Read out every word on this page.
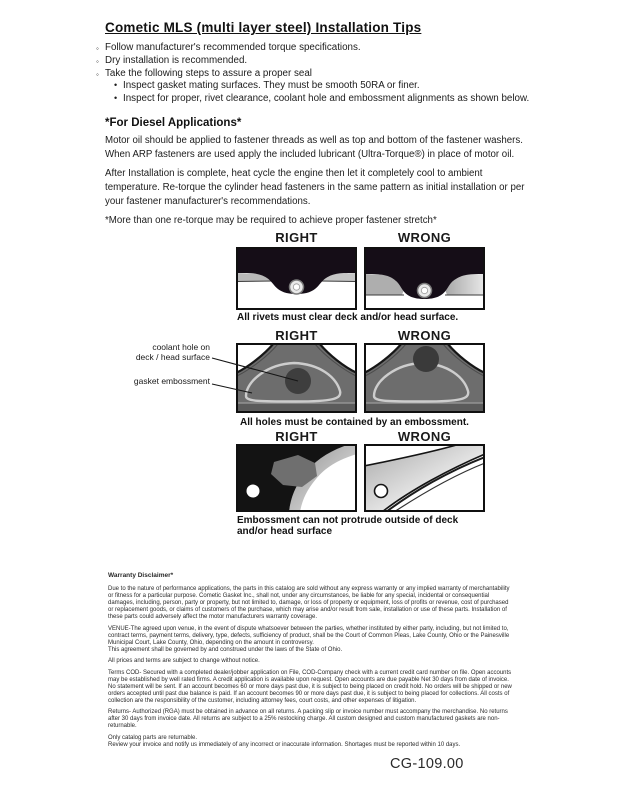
Cometic MLS (multi layer steel) Installation Tips
◦ Follow manufacturer's recommended torque specifications.
◦ Dry installation is recommended.
◦ Take the following steps to assure a proper seal
• Inspect gasket mating surfaces. They must be smooth 50RA or finer.
• Inspect for proper, rivet clearance, coolant hole and embossment alignments as shown below.
*For Diesel Applications*

Motor oil should be applied to fastener threads as well as top and bottom of the fastener washers. When ARP fasteners are used apply the included lubricant (Ultra-Torque®) in place of motor oil.

After Installation is complete, heat cycle the engine then let it completely cool to ambient temperature. Re-torque the cylinder head fasteners in the same pattern as initial installation or per your fastener manufacturer's recommendations.

*More than one re-torque may be required to achieve proper fastener stretch*

RIGHT	WRONG
All rivets must clear deck and/or head surface.
RIGHT	WRONG
coolant hole on
deck / head surface
gasket embossment
All holes must be contained by an embossment.
RIGHT	WRONG
Embossment can not protrude outside of deck and/or head surface
Warranty Disclaimer*

Due to the nature of performance applications, the parts in this catalog are sold without any express warranty or any implied warranty of merchantability or fitness for a particular purpose. Cometic Gasket Inc., shall not, under any circumstances, be liable for any special, incidental or consequential damages, including, person, party or property, but not limited to, damage, or loss of property or equipment, loss of profits or revenue, cost of purchased or replacement goods, or claims of customers of the purchase, which may arise and/or result from sale, installation or use of these parts. Installation of these parts could adversely affect the motor manufacturers warranty coverage.

VENUE-The agreed upon venue, in the event of dispute whatsoever between the parties, whether instituted by either party, including, but not limited to, contract terms, payment terms, delivery, type, defects, sufficiency of product, shall be the Court of Common Pleas, Lake County, Ohio or the Painesville Municipal Court, Lake County, Ohio, depending on the amount in controversy.
This agreement shall be governed by and construed under the laws of the State of Ohio.

All prices and terms are subject to change without notice.

Terms COD- Secured with a completed dealer/jobber application on File, COD-Company check with a current credit card number on file. Open accounts may be established by well rated firms. A credit application is available upon request. Open accounts are due payable Net 30 days from date of invoice. No statement will be sent. If an account becomes 60 or more days past due, it is subject to being placed on credit hold. No orders will be shipped or new orders accepted until past due balance is paid. If an account becomes 90 or more days past due, it is subject to being placed for collections. All costs of collection are the responsibility of the customer, including attorney fees, court costs, and other expenses of litigation.

Returns- Authorized (RGA) must be obtained in advance on all returns. A packing slip or invoice number must accompany the merchandise. No returns after 30 days from invoice date. All returns are subject to a 25% restocking charge. All custom designed and custom manufactured gaskets are non-returnable.

Only catalog parts are returnable.
Review your invoice and notify us immediately of any incorrect or inaccurate information. Shortages must be reported within 10 days.

CG-109.00
